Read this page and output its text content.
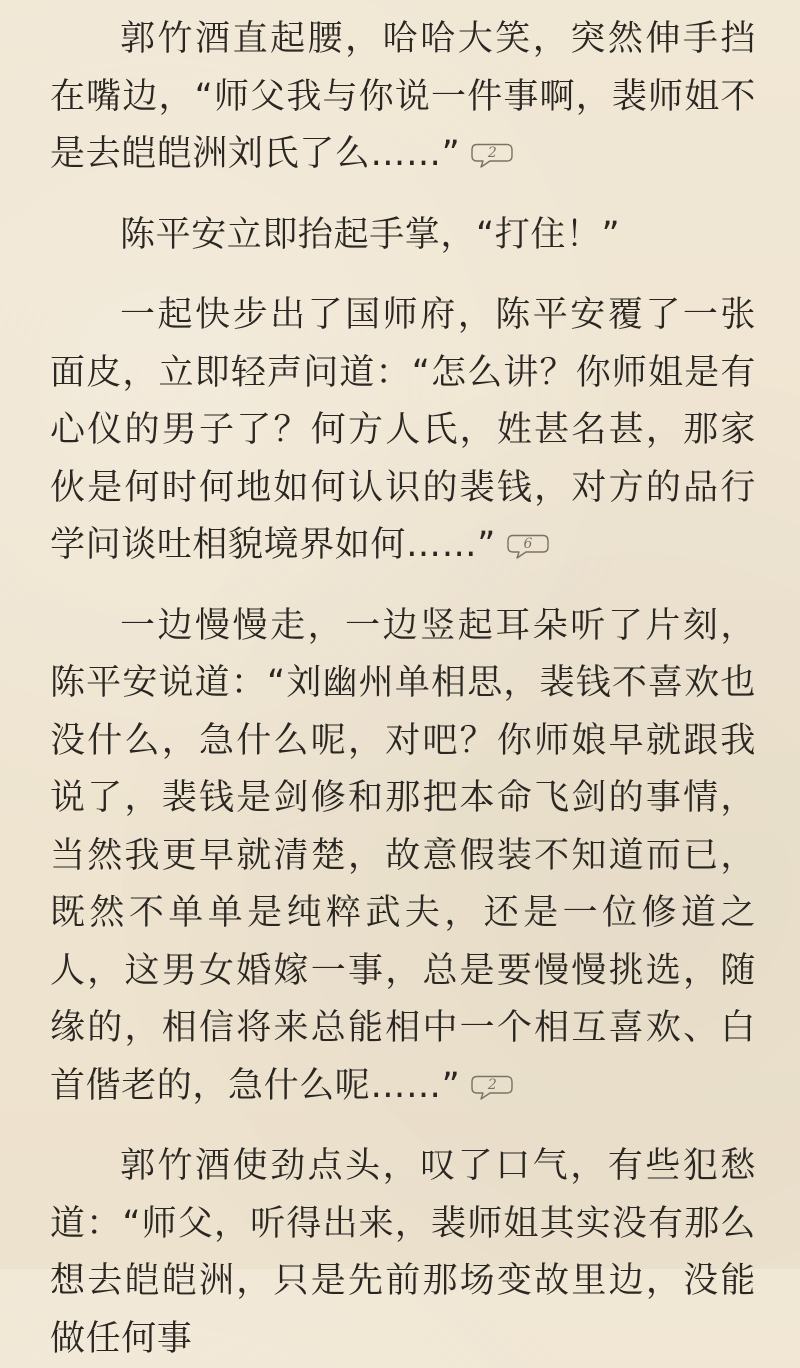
郭竹酒直起腰，哈哈大笑，突然伸手挡在嘴边，“师父我与你说一件事啊，裴师姐不是去皑皑洲刘氏了么……”	2

陈平安立即抬起手掌，“打住！”

一起快步出了国师府，陈平安覆了一张面皮，立即轻声问道：“怎么讲？你师姐是有心仪的男子了？何方人氏，姓甚名甚，那家伙是何时何地如何认识的裴钱，对方的品行学问谈吐相貌境界如何……”	6

一边慢慢走，一边竖起耳朵听了片刻，陈平安说道：“刘幽州单相思，裴钱不喜欢也没什么，急什么呢，对吧？你师娘早就跟我说了，裴钱是剑修和那把本命飞剑的事情，当然我更早就清楚，故意假装不知道而已，既然不单单是纯粹武夫，还是一位修道之人，这男女婚嫁一事，总是要慢慢挑选，随缘的，相信将来总能相中一个相互喜欢、白首偕老的，急什么呢……”	2

郭竹酒使劲点头，叹了口气，有些犯愁道：“师父，听得出来，裴师姐其实没有那么想去皑皑洲，只是先前那场变故里边，没能做任何事
